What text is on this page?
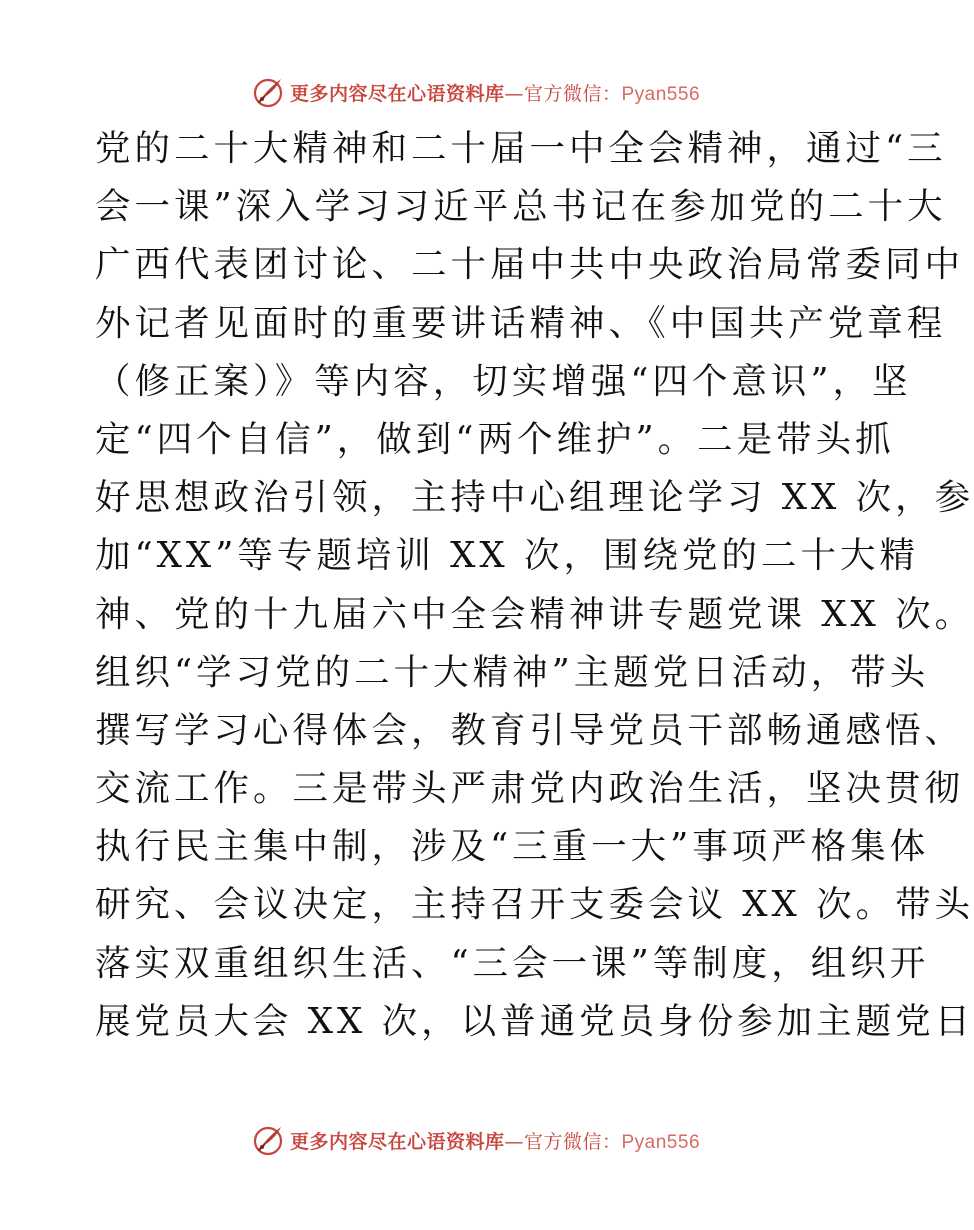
更多内容尽在心语资料库—官方微信：Pyan556
党的二十大精神和二十届一中全会精神，通过“三
会一课”深入学习习近平总书记在参加党的二十大
广西代表团讨论、二十届中共中央政治局常委同中
外记者见面时的重要讲话精神、《中国共产党章程
（修正案）》等内容，切实增强“四个意识”，坚
定“四个自信”，做到“两个维护”。二是带头抓
好思想政治引领，主持中心组理论学习 XX 次，参
加“XX”等专题培训 XX 次，围绕党的二十大精
神、党的十九届六中全会精神讲专题党课 XX 次。
组织“学习党的二十大精神”主题党日活动，带头
撰写学习心得体会，教育引导党员干部畅通感悟、
交流工作。三是带头严肃党内政治生活，坚决贯彻
执行民主集中制，涉及“三重一大”事项严格集体
研究、会议决定，主持召开支委会议 XX 次。带头
落实双重组织生活、“三会一课”等制度，组织开
展党员大会 XX 次，以普通党员身份参加主题党日
更多内容尽在心语资料库—官方微信：Pyan556
